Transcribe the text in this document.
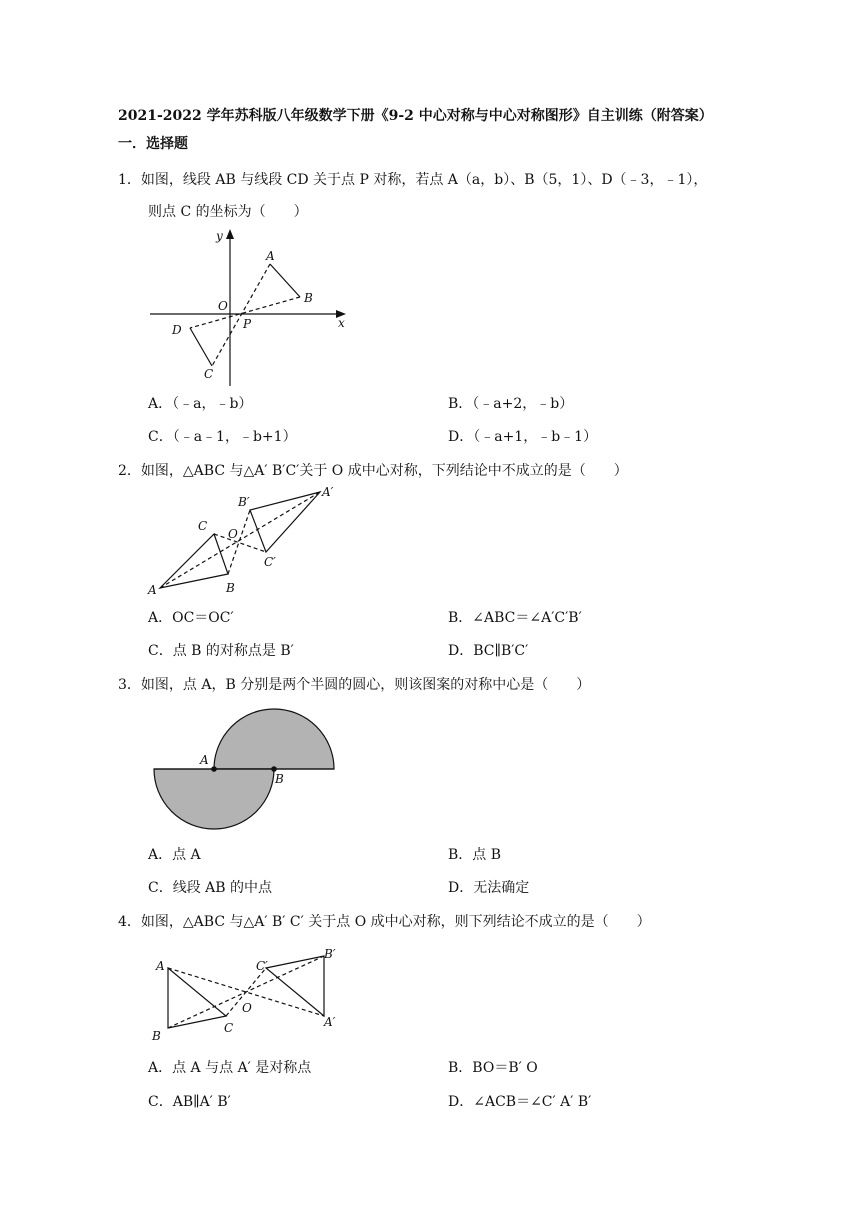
2021-2022 学年苏科版八年级数学下册《9-2 中心对称与中心对称图形》自主训练（附答案）
一．选择题
1．如图，线段 AB 与线段 CD 关于点 P 对称，若点 A（a，b）、B（5，1）、D（﹣3，﹣1），
则点 C 的坐标为（　　）
y
x
O
A
B
P
D
C
A．（﹣a，﹣b）	B．（﹣a+2，﹣b）
C．（﹣a﹣1，﹣b+1）	D．（﹣a+1，﹣b﹣1）
2．如图，△ABC 与△A′ B′C′关于 O 成中心对称，下列结论中不成立的是（　　）
A	B
C
O
A′
B′
C′
A．OC＝OC′	B．∠ABC＝∠A′C′B′
C．点 B 的对称点是 B′	D．BC∥B′C′
3．如图，点 A，B 分别是两个半圆的圆心，则该图案的对称中心是（　　）
A
B
A．点 A	B．点 B
C．线段 AB 的中点	D．无法确定
4．如图，△ABC 与△A′ B′ C′ 关于点 O 成中心对称，则下列结论不成立的是（　　）
A
B
C
O
A′
B′
C′
A．点 A 与点 A′ 是对称点	B．BO＝B′ O
C．AB∥A′ B′	D．∠ACB＝∠C′ A′ B′
